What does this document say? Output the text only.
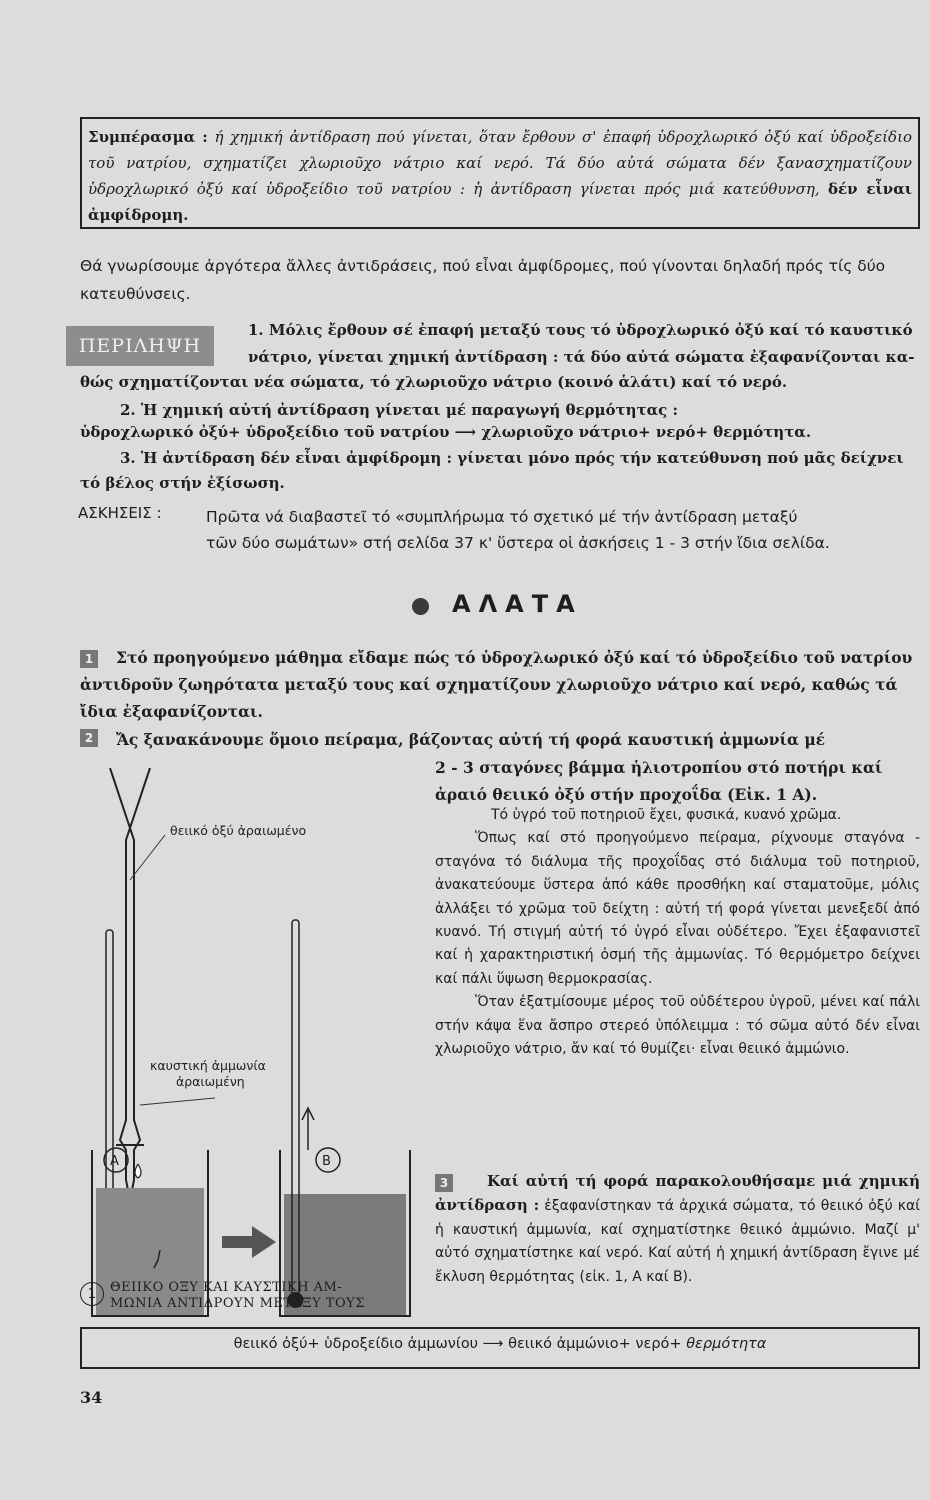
Συμπέρασμα : ή χημική ἀντίδραση πού γίνεται, ὅταν ἔρθουν σ' ἐπαφή ὑδροχλωρικό ὀξύ καί ὑδροξείδιο τοῦ νατρίου, σχηματίζει χλωριοῦχο νάτριο καί νερό. Τά δύο αὐτά σώματα δέν ξανασχηματίζουν ὑδροχλωρικό ὀξύ καί ὑδροξείδιο τοῦ νατρίου : ἡ ἀντίδραση γίνεται πρός μιά κατεύθυνση, δέν εἶναι ἀμφίδρομη.
Θά γνωρίσουμε ἀργότερα ἄλλες ἀντιδράσεις, πού εἶναι ἀμφίδρομες, πού γίνονται δηλαδή πρός τίς δύο κατευθύνσεις.
ΠΕΡΙΛΗΨΗ
1. Μόλις ἔρθουν σέ ἐπαφή μεταξύ τους τό ὑδροχλωρικό ὀξύ καί τό καυστικό
νάτριο, γίνεται χημική ἀντίδραση : τά δύο αὐτά σώματα ἐξαφανίζονται κα-
θώς σχηματίζονται νέα σώματα, τό χλωριοῦχο νάτριο (κοινό ἁλάτι) καί τό νερό.
2. Ἡ χημική αὐτή ἀντίδραση γίνεται μέ παραγωγή θερμότητας :
ὑδροχλωρικό ὀξύ+ ὑδροξείδιο τοῦ νατρίου ⟶ χλωριοῦχο νάτριο+ νερό+ θερμότητα.
3. Ἡ ἀντίδραση δέν εἶναι ἀμφίδρομη : γίνεται μόνο πρός τήν κατεύθυνση πού μᾶς δείχνει
τό βέλος στήν ἐξίσωση.
ΑΣΚΗΣΕΙΣ :	Πρῶτα νά διαβαστεῖ τό «συμπλήρωμα τό σχετικό μέ τήν ἀντίδραση μεταξύ
τῶν δύο σωμάτων» στή σελίδα 37 κ' ὕστερα οἱ ἀσκήσεις 1 - 3 στήν ἴδια σελίδα.
ΑΛΑΤΑ
1	Στό προηγούμενο μάθημα εἴδαμε πώς τό ὑδροχλωρικό ὀξύ καί τό ὑδροξείδιο τοῦ νατρίου ἀντιδροῦν ζωηρότατα μεταξύ τους καί σχηματίζουν χλωριοῦχο νάτριο καί νερό, καθώς τά ἴδια ἐξαφανίζονται.
2	Ἄς ξανακάνουμε ὅμοιο πείραμα, βάζοντας αὐτή τή φορά καυστική ἀμμωνία μέ
2 - 3 σταγόνες βάμμα ἡλιοτροπίου στό ποτήρι καί ἀραιό θειικό ὀξύ στήν προχοΐδα (Εἰκ. 1 Α).

Τό ὑγρό τοῦ ποτηριοῦ ἔχει, φυσικά, κυανό χρῶμα.

Ὅπως καί στό προηγούμενο πείραμα, ρίχνουμε σταγόνα - σταγόνα τό διάλυμα τῆς προχοΐδας στό διάλυμα τοῦ ποτηριοῦ, ἀνακατεύουμε ὕστερα ἀπό κάθε προσθήκη καί σταματοῦμε, μόλις ἀλλάξει τό χρῶμα τοῦ δείχτη : αὐτή τή φορά γίνεται μενεξεδί ἀπό κυανό. Τή στιγμή αὐτή τό ὑγρό εἶναι οὐδέτερο. Ἔχει ἐξαφανιστεῖ καί ἡ χαρακτηριστική ὀσμή τῆς ἀμμωνίας. Τό θερμόμετρο δείχνει καί πάλι ὕψωση θερμοκρασίας.

Ὅταν ἐξατμίσουμε μέρος τοῦ οὐδέτερου ὑγροῦ, μένει καί πάλι στήν κάψα ἕνα ἄσπρο στερεό ὑπόλειμμα : τό σῶμα αὐτό δέν εἶναι χλωριοῦχο νάτριο, ἄν καί τό θυμίζει· εἶναι θειικό ἀμμώνιο.

3	Καί αὐτή τή φορά παρακολουθήσαμε μιά χημική ἀντίδραση : ἐξαφανίστηκαν τά ἀρχικά σώματα, τό θειικό ὀξύ καί ἡ καυστική ἀμμωνία, καί σχηματίστηκε θειικό ἀμμώνιο. Μαζί μ' αὐτό σχηματίστηκε καί νερό. Καί αὐτή ἡ χημική ἀντίδραση ἔγινε μέ ἔκλυση θερμότητας (εἰκ. 1, Α καί Β).
θειικό ὀξύ ἀραιωμένο
καυστική ἀμμωνία
ἀραιωμένη
A	B
1	ΘΕΙΙΚΟ ΟΞΥ ΚΑΙ ΚΑΥΣΤΙΚΗ ΑΜ-
ΜΩΝΙΑ ΑΝΤΙΔΡΟΥΝ ΜΕΤΑΞΥ ΤΟΥΣ
θειικό ὀξύ+ ὑδροξείδιο ἀμμωνίου ⟶ θειικό ἀμμώνιο+ νερό+ θερμότητα
34
